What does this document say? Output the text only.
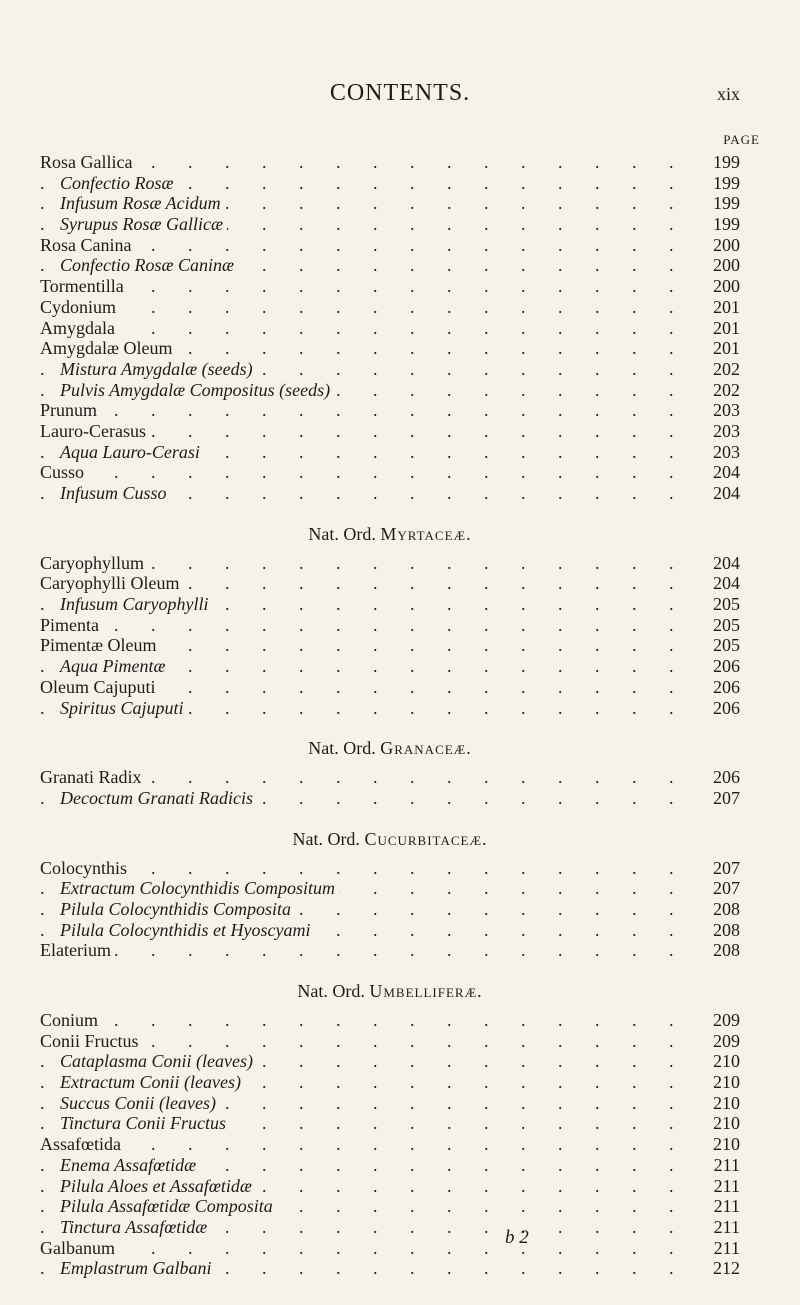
CONTENTS.	xix
PAGE
. . .
Rosa Gallica	199
. . .
Confectio Rosæ	199
. . .
Infusum Rosæ Acidum	199
. . .
Syrupus Rosæ Gallicæ	199
. . .
Rosa Canina	200
. . .
Confectio Rosæ Caninæ	200
. . .
Tormentilla	200
. . .
Cydonium	201
. . .
Amygdala	201
. . .
Amygdalæ Oleum	201
. . .
Mistura Amygdalæ (seeds)	202
. . .
Pulvis Amygdalæ Compositus (seeds)	202
. . .
Prunum	203
. . .
Lauro-Cerasus	203
. . .
Aqua Lauro-Cerasi	203
. . .
Cusso	204
. . .
Infusum Cusso	204
Nat. Ord. Myrtaceæ.
. . .
Caryophyllum	204
. . .
Caryophylli Oleum	204
. . .
Infusum Caryophylli	205
. . .
Pimenta	205
. . .
Pimentæ Oleum	205
. . .
Aqua Pimentæ	206
. . .
Oleum Cajuputi	206
. . .
Spiritus Cajuputi	206
Nat. Ord. Granaceæ.
. . .
Granati Radix	206
. . .
Decoctum Granati Radicis	207
Nat. Ord. Cucurbitaceæ.
. . .
Colocynthis	207
. . .
Extractum Colocynthidis Compositum	207
. . .
Pilula Colocynthidis Composita	208
. . .
Pilula Colocynthidis et Hyoscyami	208
. . .
Elaterium	208
Nat. Ord. Umbelliferæ.
. . .
Conium	209
. . .
Conii Fructus	209
. . .
Cataplasma Conii (leaves)	210
. . .
Extractum Conii (leaves)	210
. . .
Succus Conii (leaves)	210
. . .
Tinctura Conii Fructus	210
. . .
Assafœtida	210
. . .
Enema Assafœtidæ	211
. . .
Pilula Aloes et Assafœtidæ	211
. . .
Pilula Assafœtidæ Composita	211
. . .
Tinctura Assafœtidæ	211
. . .
Galbanum	211
. . .
Emplastrum Galbani	212
b 2
